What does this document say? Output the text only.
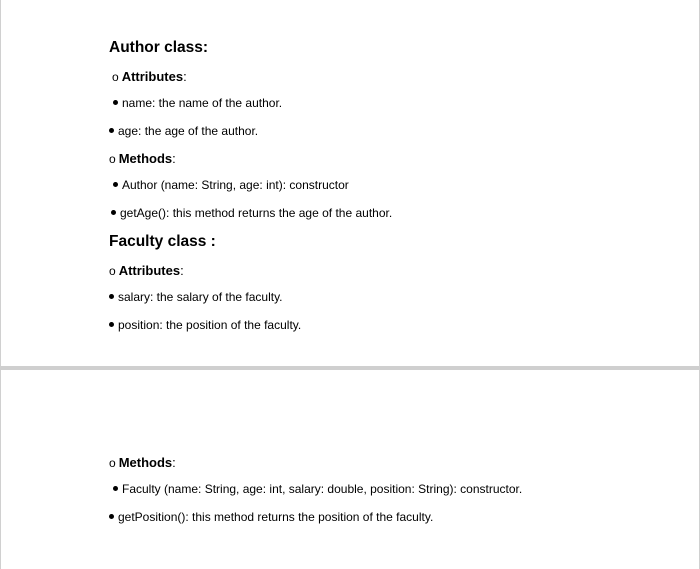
Author class:
o Attributes:
name: the name of the author.
age: the age of the author.
o Methods:
Author (name: String, age: int): constructor
getAge(): this method returns the age of the author.
Faculty class :
o Attributes:
salary: the salary of the faculty.
position: the position of the faculty.
o Methods:
Faculty (name: String, age: int, salary: double, position: String): constructor.
getPosition(): this method returns the position of the faculty.
